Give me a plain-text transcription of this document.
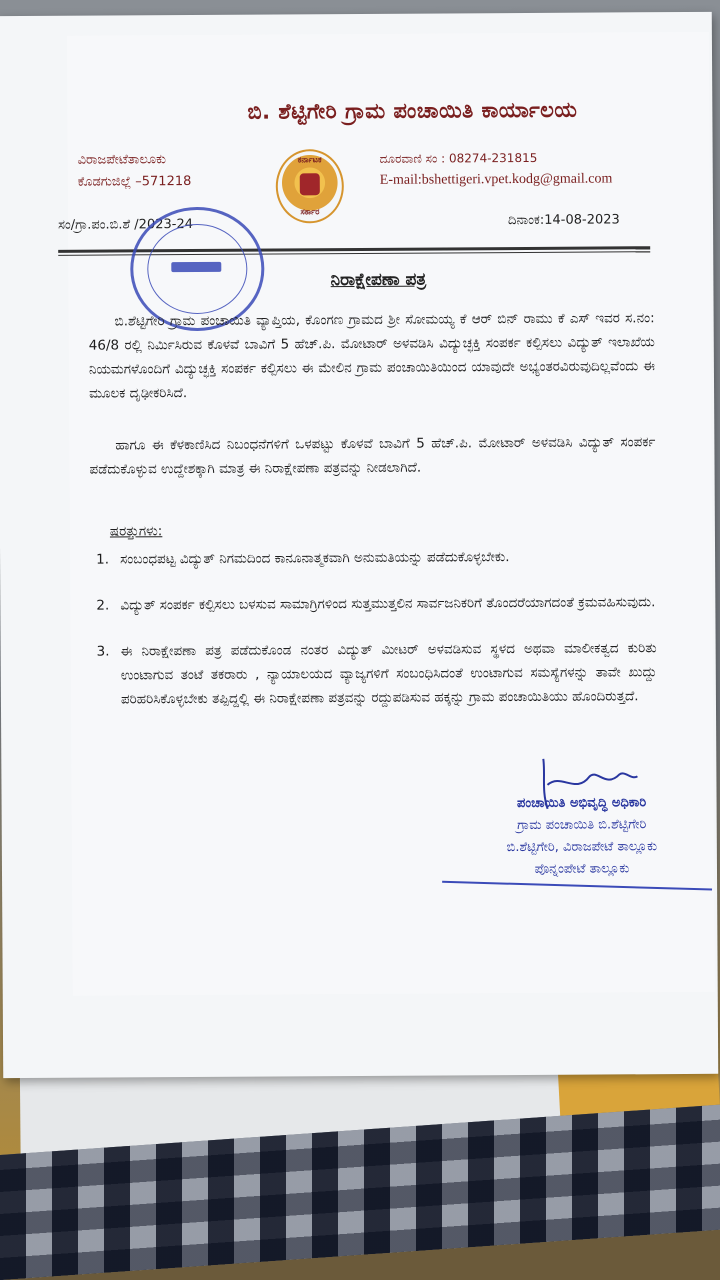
ಬಿ. ಶೆಟ್ಟಿಗೇರಿ ಗ್ರಾಮ ಪಂಚಾಯಿತಿ ಕಾರ್ಯಾಲಯ
ವಿರಾಜಪೇಟೆತಾಲೂಕು
ಕೊಡಗುಜಿಲ್ಲೆ –571218
ಕರ್ನಾಟಕ
ಸರ್ಕಾರ
ದೂರವಾಣಿ ಸಂ : 08274-231815
E-mail:bshettigeri.vpet.kodg@gmail.com
ಸಂ/ಗ್ರಾ.ಪಂ.ಬಿ.ಶೆ /2023-24	ದಿನಾಂಕ:14-08-2023
ನಿರಾಕ್ಷೇಪಣಾ ಪತ್ರ
ಬಿ.ಶೆಟ್ಟಿಗೇರಿ ಗ್ರಾಮ ಪಂಚಾಯಿತಿ ವ್ಯಾಪ್ತಿಯ, ಕೊಂಗಣ ಗ್ರಾಮದ ಶ್ರೀ ಸೋಮಯ್ಯ ಕೆ ಆರ್ ಬಿನ್ ರಾಮು ಕೆ ಎಸ್ ಇವರ ಸ.ನಂ: 46/8 ರಲ್ಲಿ ನಿರ್ಮಿಸಿರುವ ಕೊಳವೆ ಬಾವಿಗೆ 5 ಹೆಚ್.ಪಿ. ಮೋಟಾರ್ ಅಳವಡಿಸಿ ವಿದ್ಯುಚ್ಛಕ್ತಿ ಸಂಪರ್ಕ ಕಲ್ಪಿಸಲು ವಿದ್ಯುತ್ ಇಲಾಖೆಯ ನಿಯಮಗಳೊಂದಿಗೆ ವಿದ್ಯುಚ್ಛಕ್ತಿ ಸಂಪರ್ಕ ಕಲ್ಪಿಸಲು ಈ ಮೇಲಿನ ಗ್ರಾಮ ಪಂಚಾಯಿತಿಯಿಂದ ಯಾವುದೇ ಅಭ್ಯಂತರವಿರುವುದಿಲ್ಲವೆಂದು ಈ ಮೂಲಕ ದೃಢೀಕರಿಸಿದೆ.
ಹಾಗೂ ಈ ಕೆಳಕಾಣಿಸಿದ ನಿಬಂಧನೆಗಳಿಗೆ ಒಳಪಟ್ಟು ಕೊಳವೆ ಬಾವಿಗೆ 5 ಹೆಚ್.ಪಿ. ಮೋಟಾರ್ ಅಳವಡಿಸಿ ವಿದ್ಯುತ್ ಸಂಪರ್ಕ ಪಡೆದುಕೊಳ್ಳುವ ಉದ್ದೇಶಕ್ಕಾಗಿ ಮಾತ್ರ ಈ ನಿರಾಕ್ಷೇಪಣಾ ಪತ್ರವನ್ನು ನೀಡಲಾಗಿದೆ.
ಷರತ್ತುಗಳು:
1. ಸಂಬಂಧಪಟ್ಟ ವಿದ್ಯುತ್ ನಿಗಮದಿಂದ ಕಾನೂನಾತ್ಮಕವಾಗಿ ಅನುಮತಿಯನ್ನು ಪಡೆದುಕೊಳ್ಳಬೇಕು.
2. ವಿದ್ಯುತ್ ಸಂಪರ್ಕ ಕಲ್ಪಿಸಲು ಬಳಸುವ ಸಾಮಾಗ್ರಿಗಳಿಂದ ಸುತ್ತಮುತ್ತಲಿನ ಸಾರ್ವಜನಿಕರಿಗೆ ತೊಂದರೆಯಾಗದಂತೆ ಕ್ರಮವಹಿಸುವುದು.
3. ಈ ನಿರಾಕ್ಷೇಪಣಾ ಪತ್ರ ಪಡೆದುಕೊಂಡ ನಂತರ ವಿದ್ಯುತ್ ಮೀಟರ್ ಅಳವಡಿಸುವ ಸ್ಥಳದ ಅಥವಾ ಮಾಲೀಕತ್ವದ ಕುರಿತು ಉಂಟಾಗುವ ತಂಟೆ ತಕರಾರು , ನ್ಯಾಯಾಲಯದ ವ್ಯಾಜ್ಯಗಳಿಗೆ ಸಂಬಂಧಿಸಿದಂತೆ ಉಂಟಾಗುವ ಸಮಸ್ಯೆಗಳನ್ನು ತಾವೇ ಖುದ್ದು ಪರಿಹರಿಸಿಕೊಳ್ಳಬೇಕು ತಪ್ಪಿದ್ದಲ್ಲಿ ಈ ನಿರಾಕ್ಷೇಪಣಾ ಪತ್ರವನ್ನು ರದ್ದುಪಡಿಸುವ ಹಕ್ಕನ್ನು ಗ್ರಾಮ ಪಂಚಾಯಿತಿಯು ಹೊಂದಿರುತ್ತದೆ.
ಪಂಚಾಯಿತಿ ಅಭಿವೃದ್ಧಿ ಅಧಿಕಾರಿ
ಗ್ರಾಮ ಪಂಚಾಯಿತಿ ಬಿ.ಶೆಟ್ಟಿಗೇರಿ
ಬಿ.ಶೆಟ್ಟಿಗೇರಿ, ವಿರಾಜಪೇಟೆ ತಾಲ್ಲೂಕು
ಪೊನ್ನಂಪೇಟೆ ತಾಲ್ಲೂಕು
